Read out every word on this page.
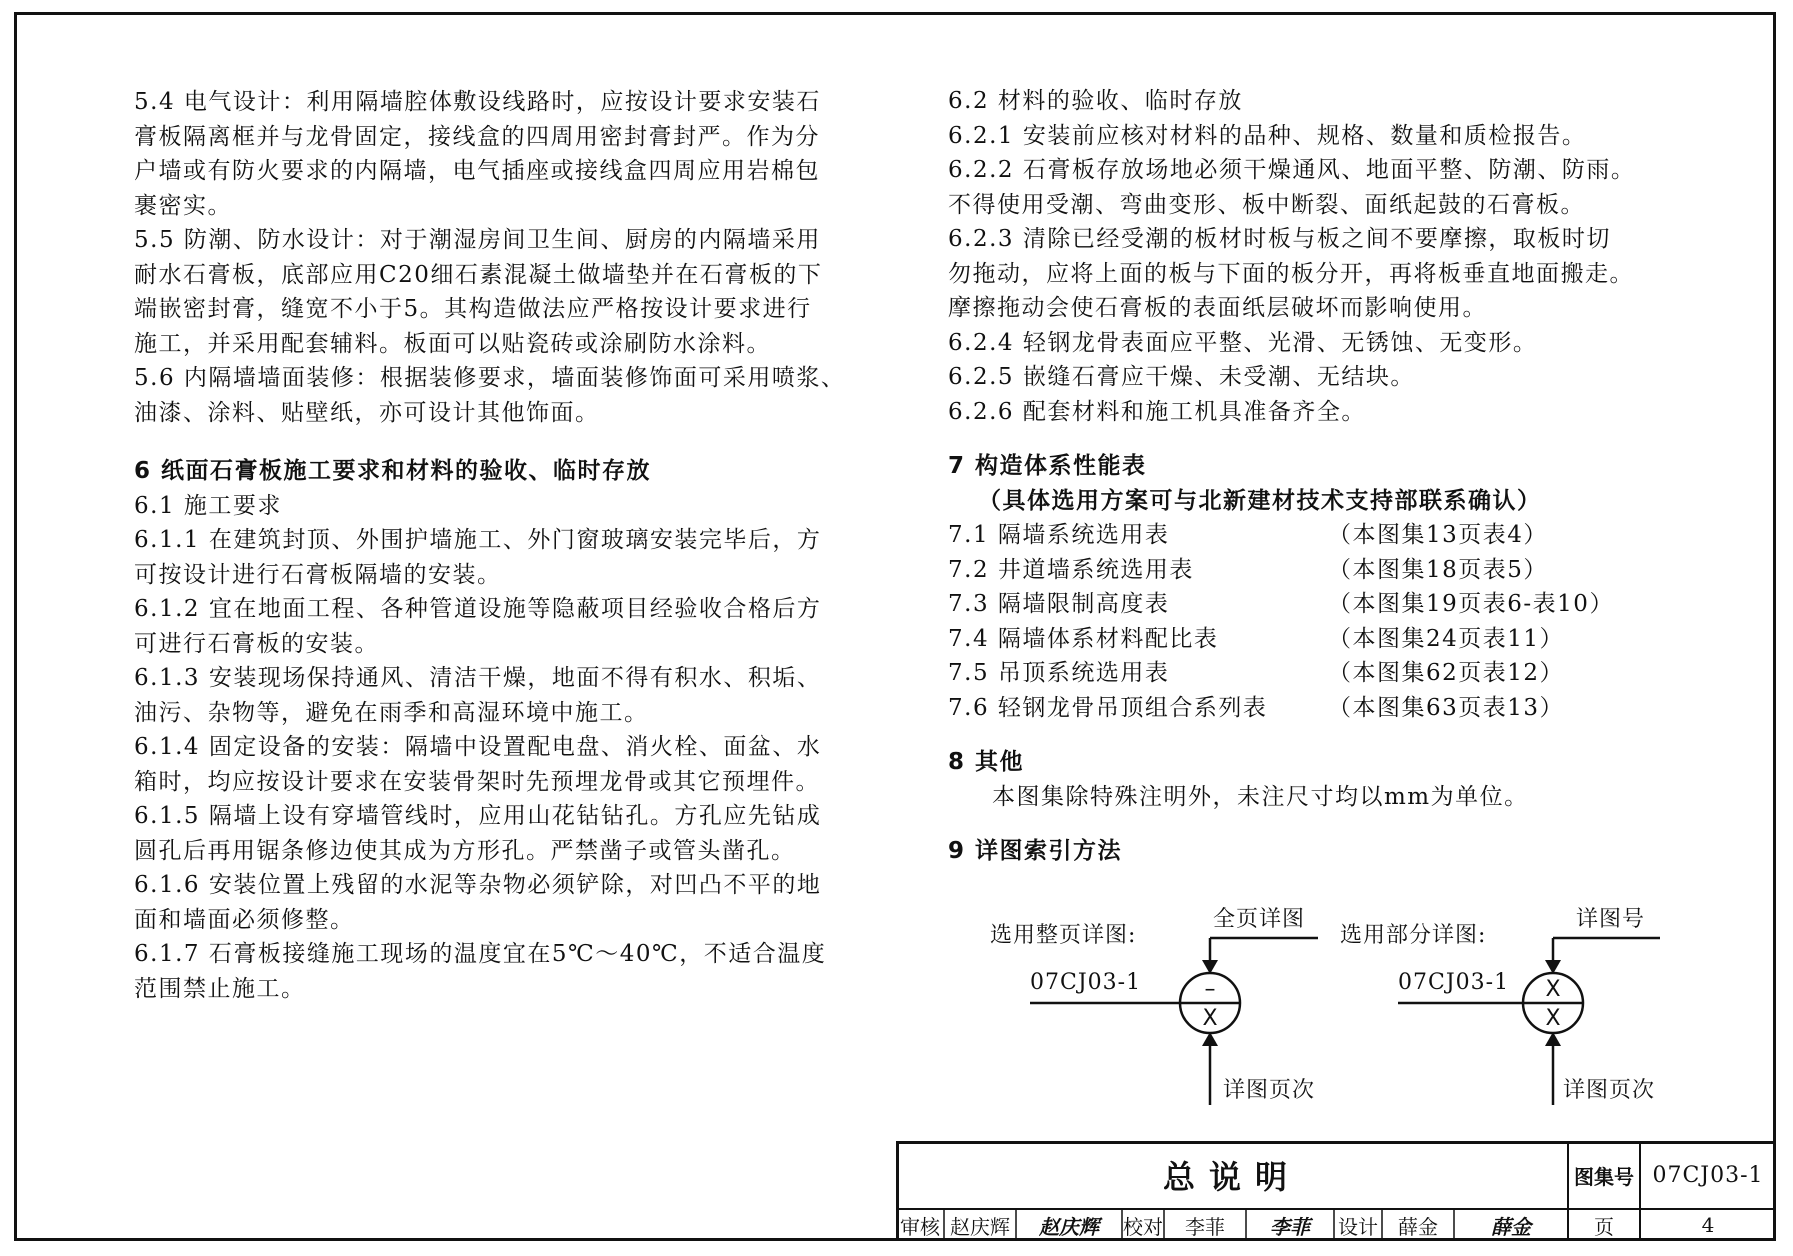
5.4 电气设计：利用隔墙腔体敷设线路时，应按设计要求安装石
膏板隔离框并与龙骨固定，接线盒的四周用密封膏封严。作为分
户墙或有防火要求的内隔墙，电气插座或接线盒四周应用岩棉包
裹密实。
5.5 防潮、防水设计：对于潮湿房间卫生间、厨房的内隔墙采用
耐水石膏板，底部应用C20细石素混凝土做墙垫并在石膏板的下
端嵌密封膏，缝宽不小于5。其构造做法应严格按设计要求进行
施工，并采用配套辅料。板面可以贴瓷砖或涂刷防水涂料。
5.6 内隔墙墙面装修：根据装修要求，墙面装修饰面可采用喷浆、
油漆、涂料、贴壁纸，亦可设计其他饰面。
6 纸面石膏板施工要求和材料的验收、临时存放
6.1 施工要求
6.1.1 在建筑封顶、外围护墙施工、外门窗玻璃安装完毕后，方
可按设计进行石膏板隔墙的安装。
6.1.2 宜在地面工程、各种管道设施等隐蔽项目经验收合格后方
可进行石膏板的安装。
6.1.3 安装现场保持通风、清洁干燥，地面不得有积水、积垢、
油污、杂物等，避免在雨季和高湿环境中施工。
6.1.4 固定设备的安装：隔墙中设置配电盘、消火栓、面盆、水
箱时，均应按设计要求在安装骨架时先预埋龙骨或其它预埋件。
6.1.5 隔墙上设有穿墙管线时，应用山花钻钻孔。方孔应先钻成
圆孔后再用锯条修边使其成为方形孔。严禁凿子或管头凿孔。
6.1.6 安装位置上残留的水泥等杂物必须铲除，对凹凸不平的地
面和墙面必须修整。
6.1.7 石膏板接缝施工现场的温度宜在5℃～40℃，不适合温度
范围禁止施工。
6.2 材料的验收、临时存放
6.2.1 安装前应核对材料的品种、规格、数量和质检报告。
6.2.2 石膏板存放场地必须干燥通风、地面平整、防潮、防雨。
不得使用受潮、弯曲变形、板中断裂、面纸起鼓的石膏板。
6.2.3 清除已经受潮的板材时板与板之间不要摩擦，取板时切
勿拖动，应将上面的板与下面的板分开，再将板垂直地面搬走。
摩擦拖动会使石膏板的表面纸层破坏而影响使用。
6.2.4 轻钢龙骨表面应平整、光滑、无锈蚀、无变形。
6.2.5 嵌缝石膏应干燥、未受潮、无结块。
6.2.6 配套材料和施工机具准备齐全。
7 构造体系性能表
（具体选用方案可与北新建材技术支持部联系确认）
7.1 隔墙系统选用表	（本图集13页表4）
7.2 井道墙系统选用表	（本图集18页表5）
7.3 隔墙限制高度表	（本图集19页表6-表10）
7.4 隔墙体系材料配比表	（本图集24页表11）
7.5 吊顶系统选用表	（本图集62页表12）
7.6 轻钢龙骨吊顶组合系列表	（本图集63页表13）
8 其他
本图集除特殊注明外，未注尺寸均以mm为单位。
9 详图索引方法
选用整页详图:
全页详图
07CJ03-1
详图页次
选用部分详图:
详图号
07CJ03-1
详图页次
–
X
X
X
总说明	图集号 07CJ03-1
审核 赵庆辉	赵庆辉	校对	李菲	李菲	设计	薛金	薛金	页	4
